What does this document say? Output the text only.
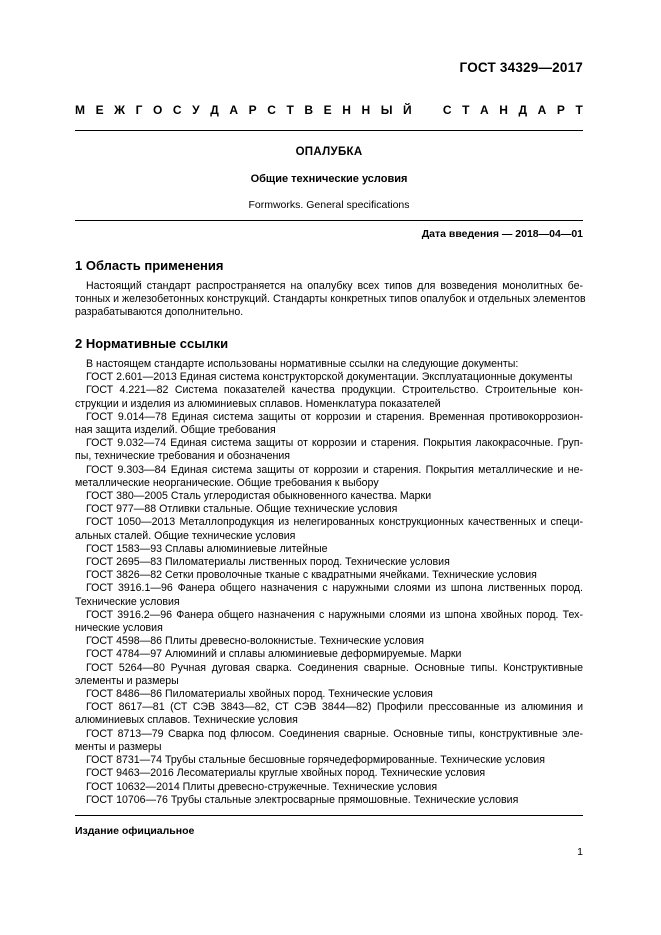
ГОСТ 34329—2017
М Е Ж Г О С У Д А Р С Т В Е Н Н Ы Й	С Т А Н Д А Р Т
ОПАЛУБКА
Общие технические условия
Formworks. General specifications
Дата введения — 2018—04—01
1 Область применения
Настоящий стандарт распространяется на опалубку всех типов для возведения монолитных бе-
тонных и железобетонных конструкций. Стандарты конкретных типов опалубок и отдельных элементов
разрабатываются дополнительно.
2 Нормативные ссылки
В настоящем стандарте использованы нормативные ссылки на следующие документы:
ГОСТ 2.601—2013 Единая система конструкторской документации. Эксплуатационные документы
ГОСТ 4.221—82 Система показателей качества продукции. Строительство. Строительные кон-
струкции и изделия из алюминиевых сплавов. Номенклатура показателей
ГОСТ 9.014—78 Единая система защиты от коррозии и старения. Временная противокоррозион-
ная защита изделий. Общие требования
ГОСТ 9.032—74 Единая система защиты от коррозии и старения. Покрытия лакокрасочные. Груп-
пы, технические требования и обозначения
ГОСТ 9.303—84 Единая система защиты от коррозии и старения. Покрытия металлические и не-
металлические неорганические. Общие требования к выбору
ГОСТ 380—2005 Сталь углеродистая обыкновенного качества. Марки
ГОСТ 977—88 Отливки стальные. Общие технические условия
ГОСТ 1050—2013 Металлопродукция из нелегированных конструкционных качественных и специ-
альных сталей. Общие технические условия
ГОСТ 1583—93 Сплавы алюминиевые литейные
ГОСТ 2695—83 Пиломатериалы лиственных пород. Технические условия
ГОСТ 3826—82 Сетки проволочные тканые с квадратными ячейками. Технические условия
ГОСТ 3916.1—96 Фанера общего назначения с наружными слоями из шпона лиственных пород.
Технические условия
ГОСТ 3916.2—96 Фанера общего назначения с наружными слоями из шпона хвойных пород. Тех-
нические условия
ГОСТ 4598—86 Плиты древесно-волокнистые. Технические условия
ГОСТ 4784—97 Алюминий и сплавы алюминиевые деформируемые. Марки
ГОСТ 5264—80 Ручная дуговая сварка. Соединения сварные. Основные типы. Конструктивные
элементы и размеры
ГОСТ 8486—86 Пиломатериалы хвойных пород. Технические условия
ГОСТ 8617—81 (СТ СЭВ 3843—82, СТ СЭВ 3844—82) Профили прессованные из алюминия и
алюминиевых сплавов. Технические условия
ГОСТ 8713—79 Сварка под флюсом. Соединения сварные. Основные типы, конструктивные эле-
менты и размеры
ГОСТ 8731—74 Трубы стальные бесшовные горячедеформированные. Технические условия
ГОСТ 9463—2016 Лесоматериалы круглые хвойных пород. Технические условия
ГОСТ 10632—2014 Плиты древесно-стружечные. Технические условия
ГОСТ 10706—76 Трубы стальные электросварные прямошовные. Технические условия
Издание официальное
1
